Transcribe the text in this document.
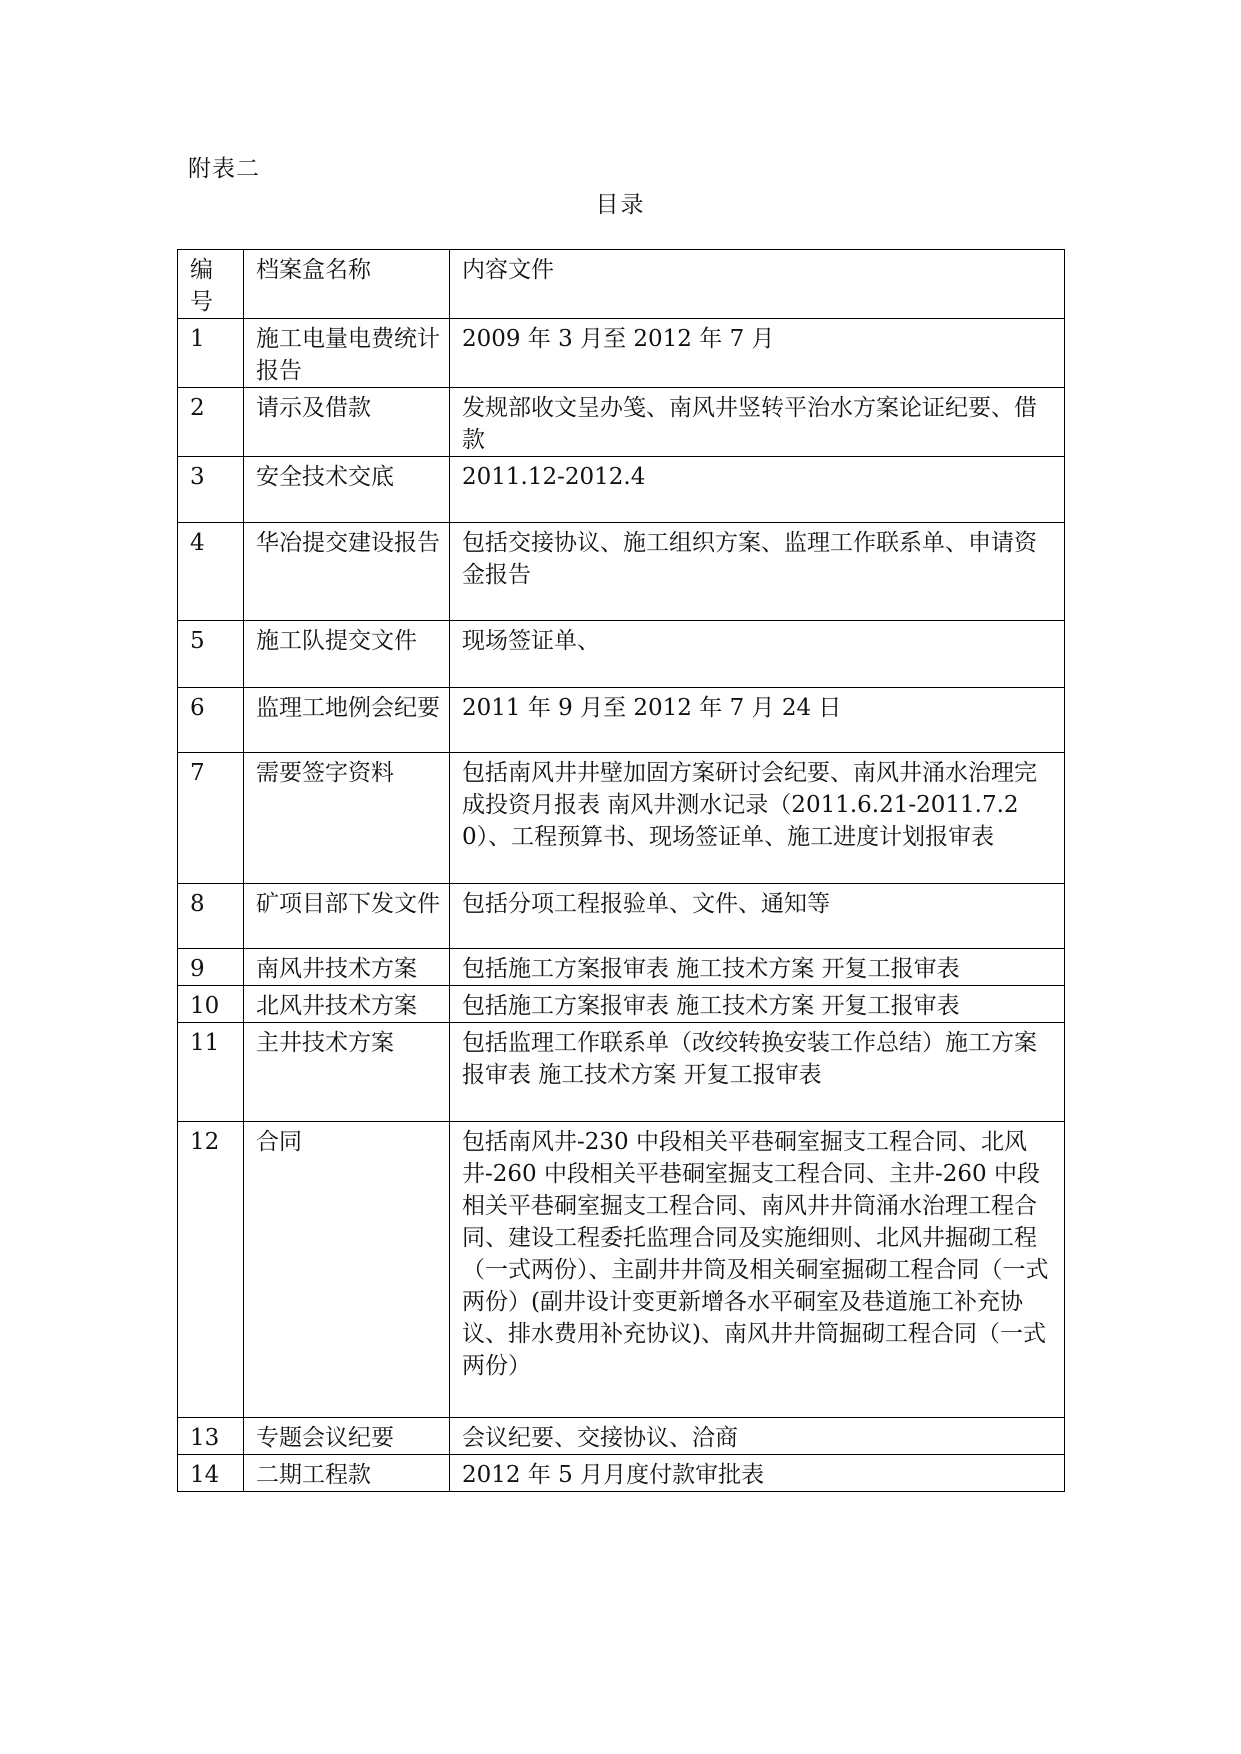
附表二
目录
编号	档案盒名称	内容文件
1	施工电量电费统计报告	2009 年 3 月至 2012 年 7 月
2	请示及借款	发规部收文呈办笺、南风井竖转平治水方案论证纪要、借款
3	安全技术交底	2011.12-2012.4
4	华冶提交建设报告	包括交接协议、施工组织方案、监理工作联系单、申请资金报告
5	施工队提交文件	现场签证单、
6	监理工地例会纪要	2011 年 9 月至 2012 年 7 月 24 日
7	需要签字资料	包括南风井井壁加固方案研讨会纪要、南风井涌水治理完成投资月报表 南风井测水记录（2011.6.21-2011.7.20）、工程预算书、现场签证单、施工进度计划报审表
8	矿项目部下发文件	包括分项工程报验单、文件、通知等
9	南风井技术方案	包括施工方案报审表 施工技术方案 开复工报审表
10	北风井技术方案	包括施工方案报审表 施工技术方案 开复工报审表
11	主井技术方案	包括监理工作联系单（改绞转换安装工作总结）施工方案报审表 施工技术方案 开复工报审表
12	合同	包括南风井-230 中段相关平巷硐室掘支工程合同、北风井-260 中段相关平巷硐室掘支工程合同、主井-260 中段相关平巷硐室掘支工程合同、南风井井筒涌水治理工程合同、建设工程委托监理合同及实施细则、北风井掘砌工程（一式两份）、主副井井筒及相关硐室掘砌工程合同（一式两份）(副井设计变更新增各水平硐室及巷道施工补充协议、排水费用补充协议)、南风井井筒掘砌工程合同（一式两份）
13	专题会议纪要	会议纪要、交接协议、洽商
14	二期工程款	2012 年 5 月月度付款审批表
